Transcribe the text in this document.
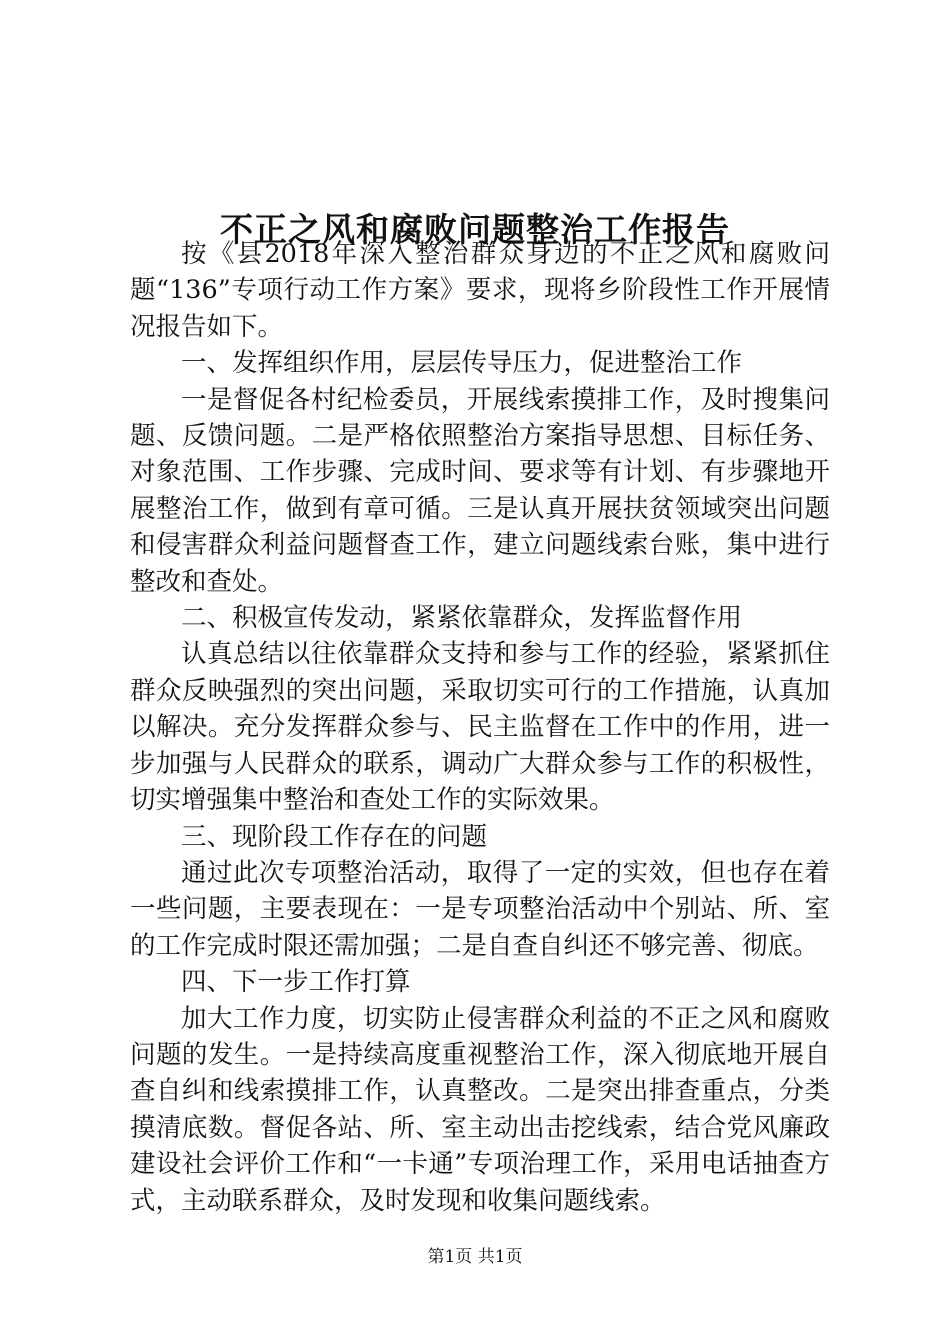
不正之风和腐败问题整治工作报告

按《县2018年深入整治群众身边的不正之风和腐败问题“136”专项行动工作方案》要求，现将乡阶段性工作开展情况报告如下。

一、发挥组织作用，层层传导压力，促进整治工作

一是督促各村纪检委员，开展线索摸排工作，及时搜集问题、反馈问题。二是严格依照整治方案指导思想、目标任务、对象范围、工作步骤、完成时间、要求等有计划、有步骤地开展整治工作，做到有章可循。三是认真开展扶贫领域突出问题和侵害群众利益问题督查工作，建立问题线索台账，集中进行整改和查处。

二、积极宣传发动，紧紧依靠群众，发挥监督作用

认真总结以往依靠群众支持和参与工作的经验，紧紧抓住群众反映强烈的突出问题，采取切实可行的工作措施，认真加以解决。充分发挥群众参与、民主监督在工作中的作用，进一步加强与人民群众的联系，调动广大群众参与工作的积极性，切实增强集中整治和查处工作的实际效果。

三、现阶段工作存在的问题

通过此次专项整治活动，取得了一定的实效，但也存在着一些问题，主要表现在：一是专项整治活动中个别站、所、室的工作完成时限还需加强；二是自查自纠还不够完善、彻底。

四、下一步工作打算

加大工作力度，切实防止侵害群众利益的不正之风和腐败问题的发生。一是持续高度重视整治工作，深入彻底地开展自查自纠和线索摸排工作，认真整改。二是突出排查重点，分类摸清底数。督促各站、所、室主动出击挖线索，结合党风廉政建设社会评价工作和“一卡通”专项治理工作，采用电话抽查方式，主动联系群众，及时发现和收集问题线索。

第1页 共1页
